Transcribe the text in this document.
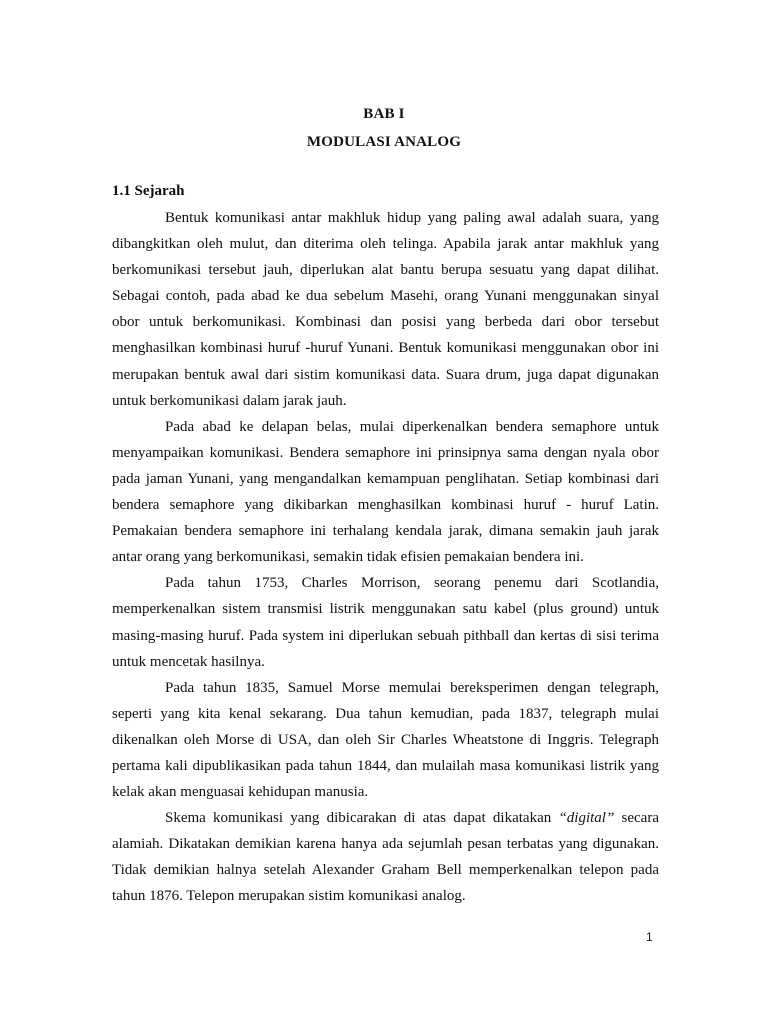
BAB I
MODULASI ANALOG
1.1 Sejarah

Bentuk komunikasi antar makhluk hidup yang paling awal adalah suara, yang dibangkitkan oleh mulut, dan diterima oleh telinga. Apabila jarak antar makhluk yang berkomunikasi tersebut jauh, diperlukan alat bantu berupa sesuatu yang dapat dilihat. Sebagai contoh, pada abad ke dua sebelum Masehi, orang Yunani menggunakan sinyal obor untuk berkomunikasi. Kombinasi dan posisi yang berbeda dari obor tersebut menghasilkan kombinasi huruf -huruf Yunani. Bentuk komunikasi menggunakan obor ini merupakan bentuk awal dari sistim komunikasi data. Suara drum, juga dapat digunakan untuk berkomunikasi dalam jarak jauh.

Pada abad ke delapan belas, mulai diperkenalkan bendera semaphore untuk menyampaikan komunikasi. Bendera semaphore ini prinsipnya sama dengan nyala obor pada jaman Yunani, yang mengandalkan kemampuan penglihatan. Setiap kombinasi dari bendera semaphore yang dikibarkan menghasilkan kombinasi huruf - huruf Latin. Pemakaian bendera semaphore ini terhalang kendala jarak, dimana semakin jauh jarak antar orang yang berkomunikasi, semakin tidak efisien pemakaian bendera ini.

Pada tahun 1753, Charles Morrison, seorang penemu dari Scotlandia, memperkenalkan sistem transmisi listrik menggunakan satu kabel (plus ground) untuk masing-masing huruf. Pada system ini diperlukan sebuah pithball dan kertas di sisi terima untuk mencetak hasilnya.

Pada tahun 1835, Samuel Morse memulai bereksperimen dengan telegraph, seperti yang kita kenal sekarang. Dua tahun kemudian, pada 1837, telegraph mulai dikenalkan oleh Morse di USA, dan oleh Sir Charles Wheatstone di Inggris. Telegraph pertama kali dipublikasikan pada tahun 1844, dan mulailah masa komunikasi listrik yang kelak akan menguasai kehidupan manusia.

Skema komunikasi yang dibicarakan di atas dapat dikatakan “digital” secara alamiah. Dikatakan demikian karena hanya ada sejumlah pesan terbatas yang digunakan. Tidak demikian halnya setelah Alexander Graham Bell memperkenalkan telepon pada tahun 1876. Telepon merupakan sistim komunikasi analog.

1
